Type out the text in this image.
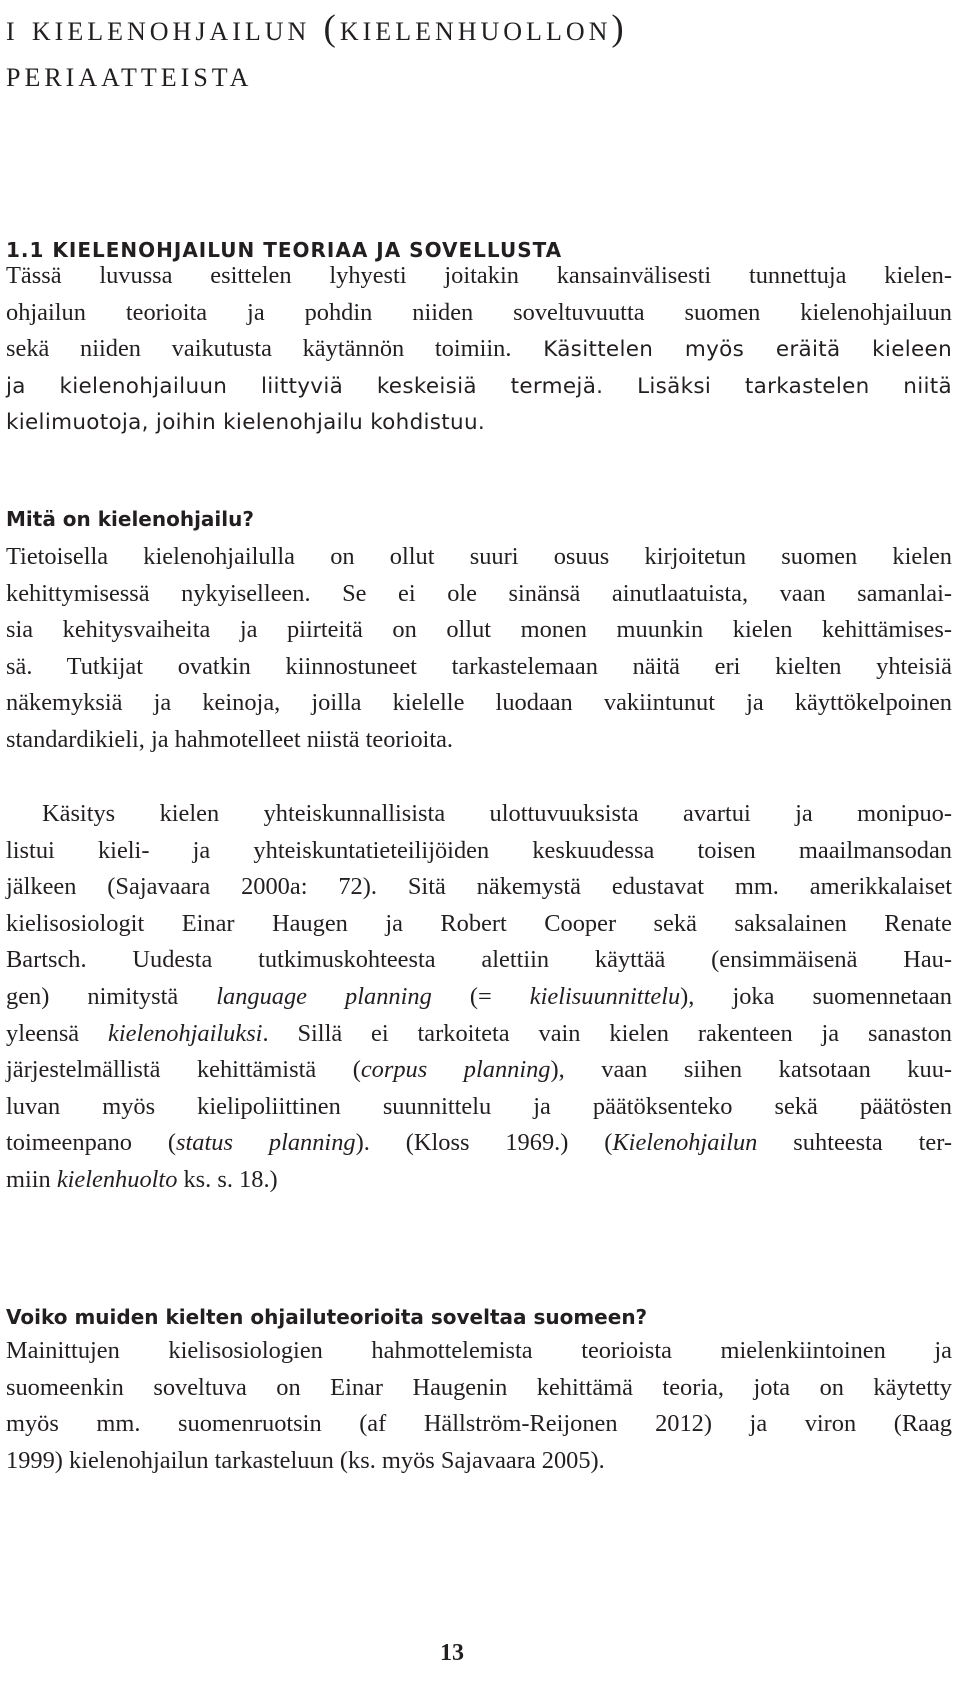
i kielenohjailun (kielenhuollon)
periaatteista
1.1 KIELENOHJAILUN TEORIAA JA SOVELLUSTA
Tässä luvussa esittelen lyhyesti joitakin kansainvälisesti tunnettuja kielen-
ohjailun teorioita ja pohdin niiden soveltuvuutta suomen kielenohjailuun
sekä niiden vaikutusta käytännön toimiin. Käsittelen myös eräitä kieleen
ja kielenohjailuun liittyviä keskeisiä termejä. Lisäksi tarkastelen niitä
kielimuotoja, joihin kielenohjailu kohdistuu.
Mitä on kielenohjailu?
Tietoisella kielenohjailulla on ollut suuri osuus kirjoitetun suomen kielen
kehittymisessä nykyiselleen. Se ei ole sinänsä ainutlaatuista, vaan samanlai-
sia kehitysvaiheita ja piirteitä on ollut monen muunkin kielen kehittämises-
sä. Tutkijat ovatkin kiinnostuneet tarkastelemaan näitä eri kielten yhteisiä
näkemyksiä ja keinoja, joilla kielelle luodaan vakiintunut ja käyttökelpoinen
standardikieli, ja hahmotelleet niistä teorioita.
Käsitys kielen yhteiskunnallisista ulottuvuuksista avartui ja monipuo-
listui kieli- ja yhteiskuntatieteilijöiden keskuudessa toisen maailmansodan
jälkeen (Sajavaara 2000a: 72). Sitä näkemystä edustavat mm. amerikkalaiset
kielisosiologit Einar Haugen ja Robert Cooper sekä saksalainen Renate
Bartsch. Uudesta tutkimuskohteesta alettiin käyttää (ensimmäisenä Hau-
gen) nimitystä language planning (= kielisuunnittelu), joka suomennetaan
yleensä kielenohjailuksi. Sillä ei tarkoiteta vain kielen rakenteen ja sanaston
järjestelmällistä kehittämistä (corpus planning), vaan siihen katsotaan kuu-
luvan myös kielipoliittinen suunnittelu ja päätöksenteko sekä päätösten
toimeenpano (status planning). (Kloss 1969.) (Kielenohjailun suhteesta ter-
miin kielenhuolto ks. s. 18.)
Voiko muiden kielten ohjailuteorioita soveltaa suomeen?
Mainittujen kielisosiologien hahmottelemista teorioista mielenkiintoinen ja
suomeenkin soveltuva on Einar Haugenin kehittämä teoria, jota on käytetty
myös mm. suomenruotsin (af Hällström-Reijonen 2012) ja viron (Raag
1999) kielenohjailun tarkasteluun (ks. myös Sajavaara 2005).
13
